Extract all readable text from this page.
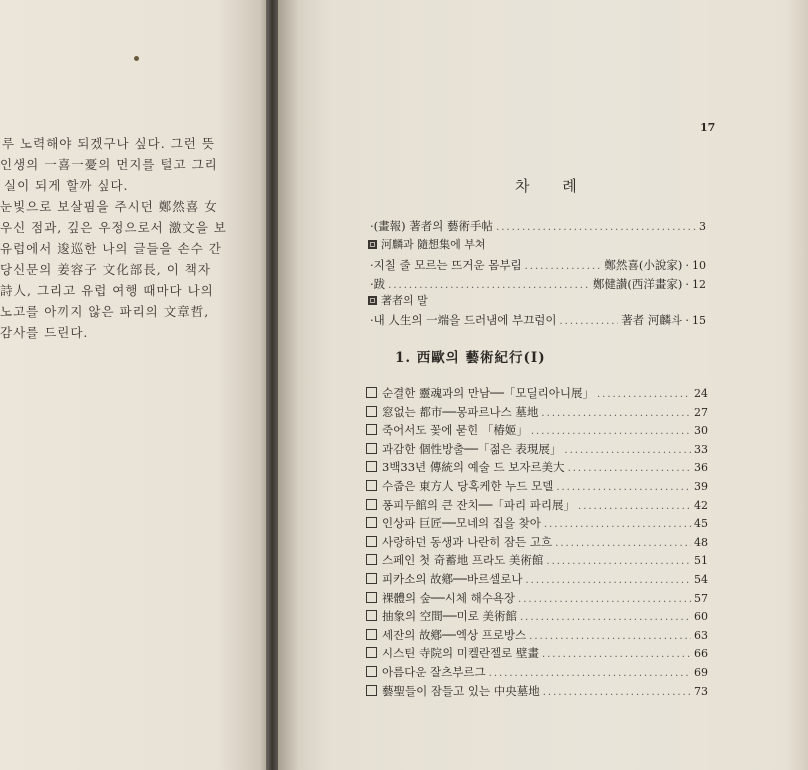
루 노력해야 되겠구나 싶다. 그런 뜻
인생의 一喜一憂의 먼지를 털고 그리
실이 되게 할까 싶다.
눈빛으로 보살핌을 주시던 鄭然喜 女
우신 점과, 깊은 우정으로서 激文을 보
유럽에서 逡巡한 나의 글들을 손수 간
당신문의 姜容子 文化部長, 이 책자
詩人, 그리고 유럽 여행 때마다 나의
노고를 아끼지 않은 파리의 文章哲,
감사를 드린다.
17
차 례
·(畫報) 著者의 藝術手帖 .....	3
河麟과 隨想集에 부쳐
·지칠 줄 모르는 뜨거운 몸부림 .....	鄭然喜(小說家) · 10
·跋 .....	鄭健讃(西洋畫家) · 12
著者의 말
·내 人生의 一端을 드러냄에 부끄럼이 .....	著者 河麟斗 · 15
1. 西歐의 藝術紀行(I)
순결한 靈魂과의 만남──「모딜리아니展」 .....	24
窓없는 都市──몽파르나스 墓地 .....	27
죽어서도 꽃에 묻힌 「椿姬」 .....	30
과감한 個性방출──「젊은 表現展」 .....	33
3백33년 傳統의 예술 드 보자르美大 .....	36
수줍은 東方人 당혹케한 누드 모델 .....	39
퐁피두館의 큰 잔치──「파리 파리展」 .....	42
인상파 巨匠──모네의 집을 찾아 .....	45
사랑하던 동생과 나란히 잠든 고흐 .....	48
스페인 첫 奇蓄地 프라도 美術館 .....	51
피카소의 故鄕──바르셀로나 .....	54
裸體의 숲──시체 해수욕장 .....	57
抽象의 空間──미로 美術館 .....	60
세잔의 故鄕──엑상 프로방스 .....	63
시스틴 寺院의 미켈란젤로 壁畫 .....	66
아름다운 잘츠부르그 .....	69
藝聖들이 잠들고 있는 中央墓地 .....	73
